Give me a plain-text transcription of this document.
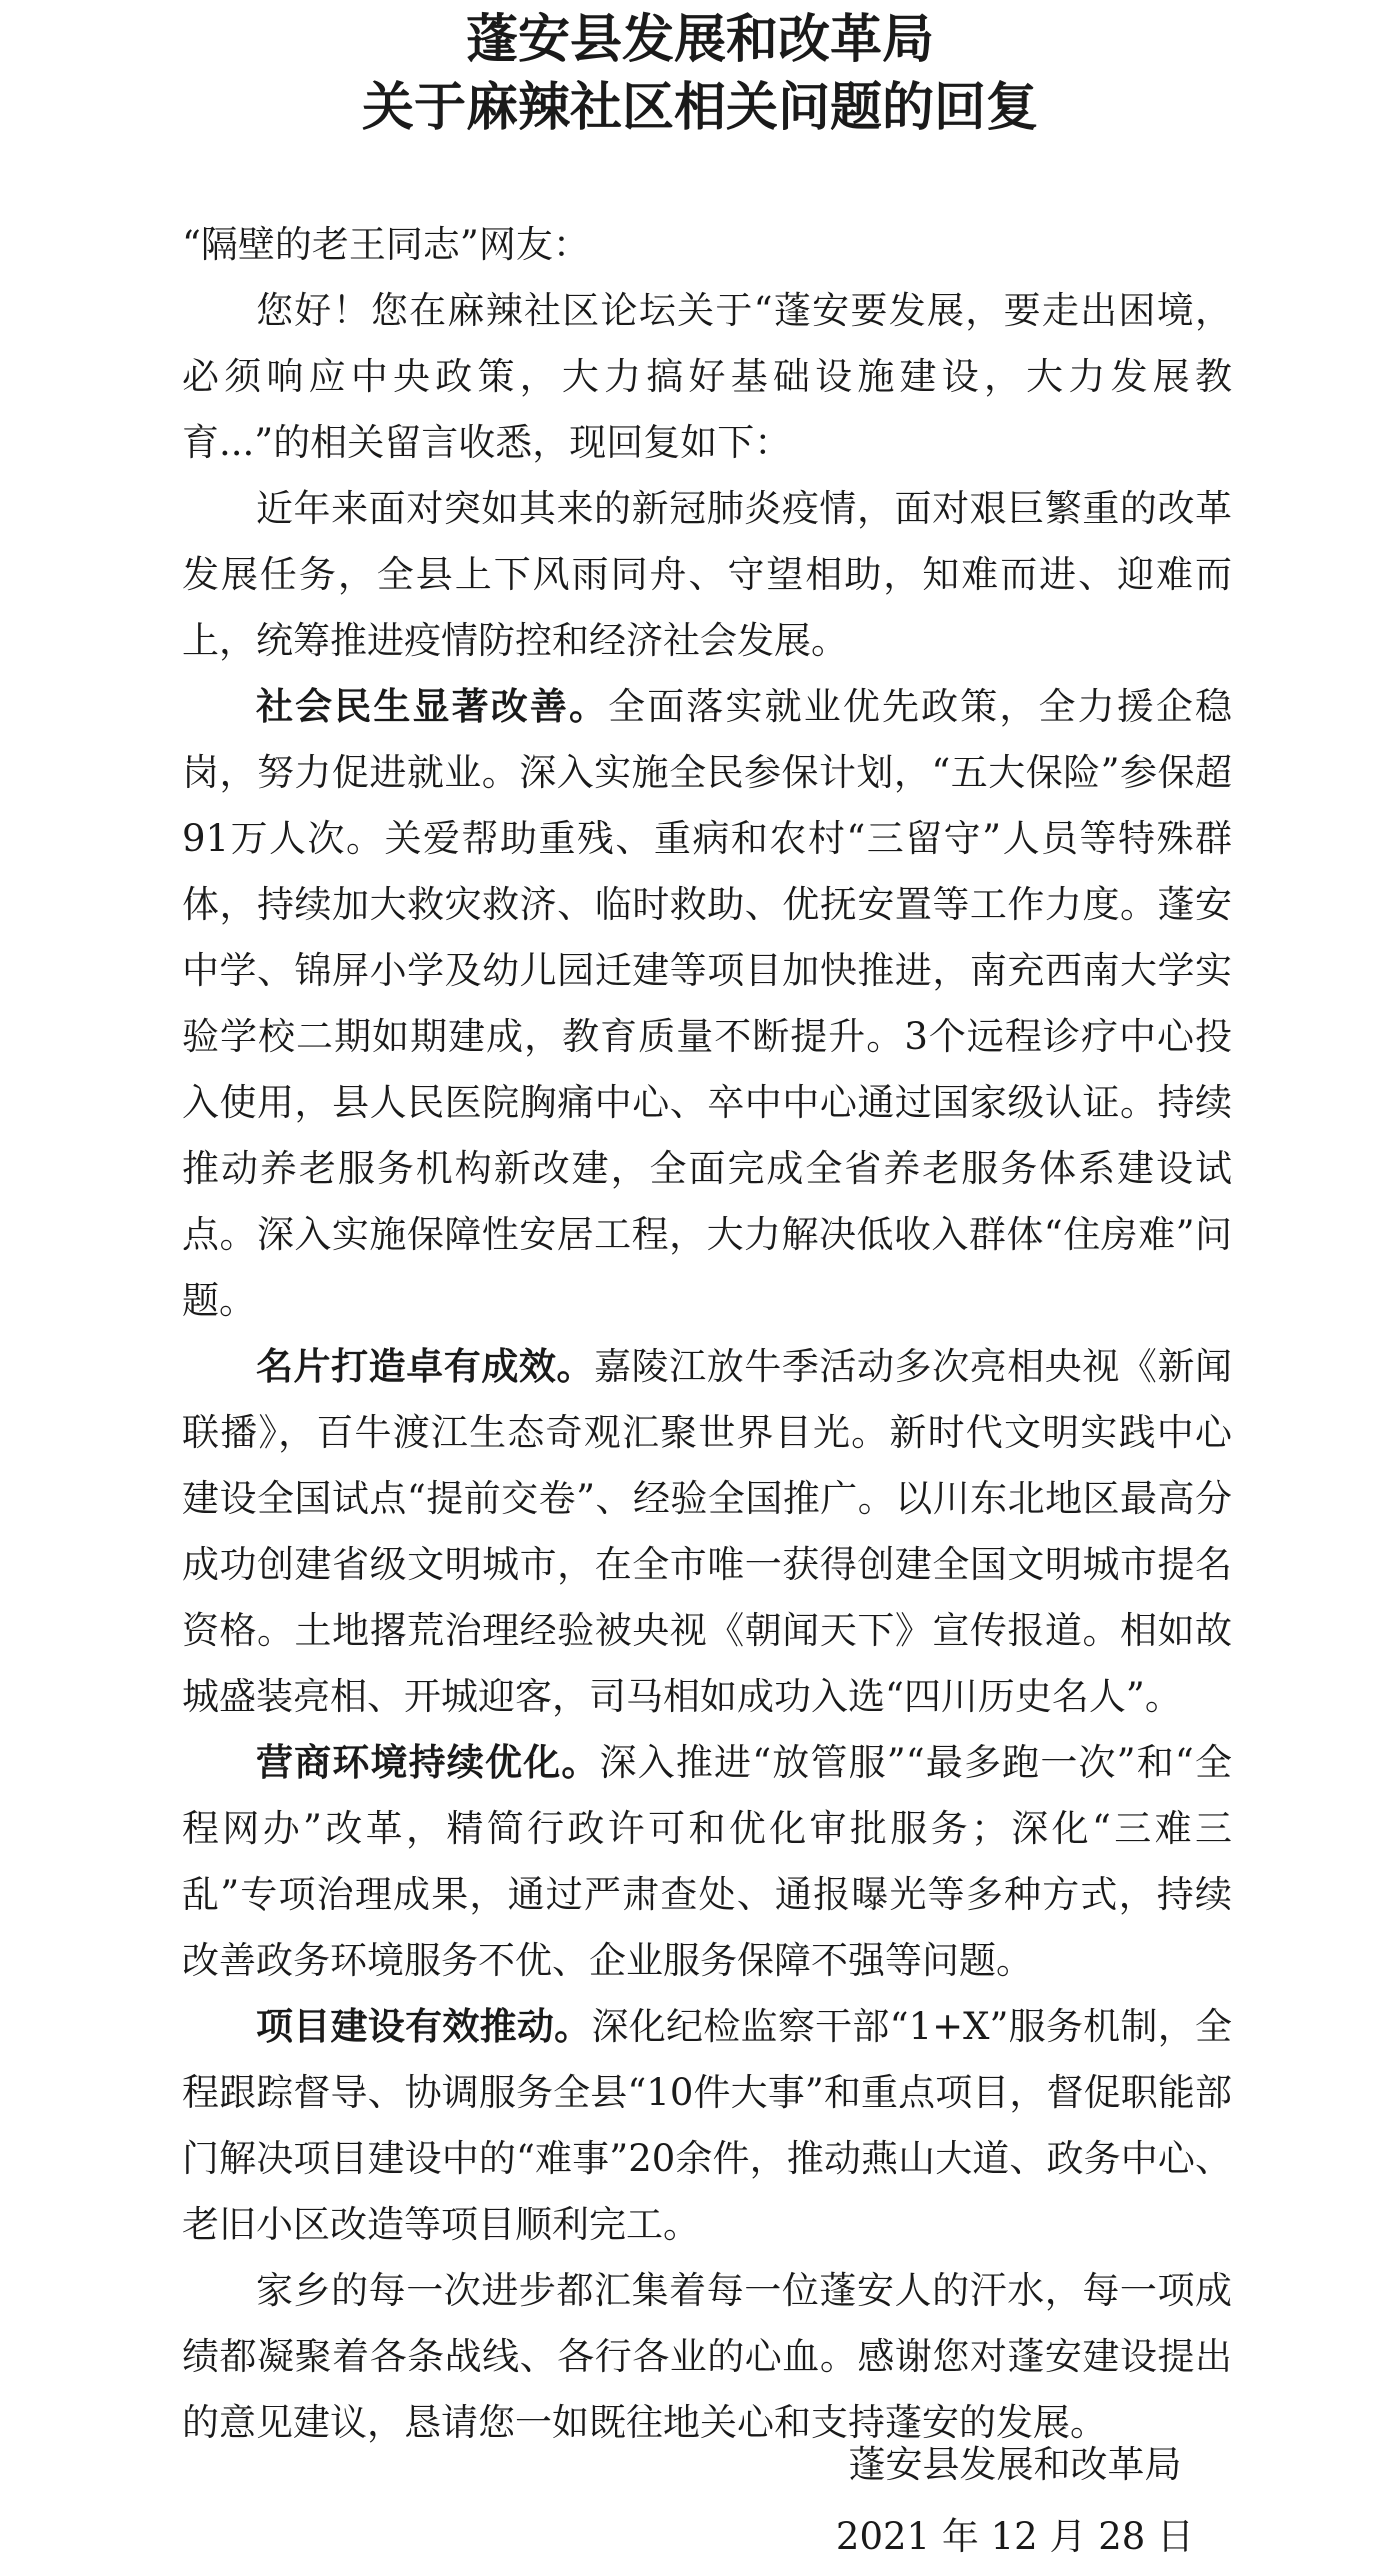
蓬安县发展和改革局

关于麻辣社区相关问题的回复

“隔壁的老王同志”网友：

您好！您在麻辣社区论坛关于“蓬安要发展，要走出困境，必须响应中央政策，大力搞好基础设施建设，大力发展教育...”的相关留言收悉，现回复如下：

近年来面对突如其来的新冠肺炎疫情，面对艰巨繁重的改革发展任务，全县上下风雨同舟、守望相助，知难而进、迎难而上，统筹推进疫情防控和经济社会发展。

社会民生显著改善。全面落实就业优先政策，全力援企稳岗，努力促进就业。深入实施全民参保计划，“五大保险”参保超91万人次。关爱帮助重残、重病和农村“三留守”人员等特殊群体，持续加大救灾救济、临时救助、优抚安置等工作力度。蓬安中学、锦屏小学及幼儿园迁建等项目加快推进，南充西南大学实验学校二期如期建成，教育质量不断提升。3个远程诊疗中心投入使用，县人民医院胸痛中心、卒中中心通过国家级认证。持续推动养老服务机构新改建，全面完成全省养老服务体系建设试点。深入实施保障性安居工程，大力解决低收入群体“住房难”问题。

名片打造卓有成效。嘉陵江放牛季活动多次亮相央视《新闻联播》，百牛渡江生态奇观汇聚世界目光。新时代文明实践中心建设全国试点“提前交卷”、经验全国推广。以川东北地区最高分成功创建省级文明城市，在全市唯一获得创建全国文明城市提名资格。土地撂荒治理经验被央视《朝闻天下》宣传报道。相如故城盛装亮相、开城迎客，司马相如成功入选“四川历史名人”。

营商环境持续优化。深入推进“放管服”“最多跑一次”和“全程网办”改革，精简行政许可和优化审批服务；深化“三难三乱”专项治理成果，通过严肃查处、通报曝光等多种方式，持续改善政务环境服务不优、企业服务保障不强等问题。

项目建设有效推动。深化纪检监察干部“1+X”服务机制，全程跟踪督导、协调服务全县“10件大事”和重点项目，督促职能部门解决项目建设中的“难事”20余件，推动燕山大道、政务中心、老旧小区改造等项目顺利完工。

家乡的每一次进步都汇集着每一位蓬安人的汗水，每一项成绩都凝聚着各条战线、各行各业的心血。感谢您对蓬安建设提出的意见建议，恳请您一如既往地关心和支持蓬安的发展。

蓬安县发展和改革局
2021 年 12 月 28 日
